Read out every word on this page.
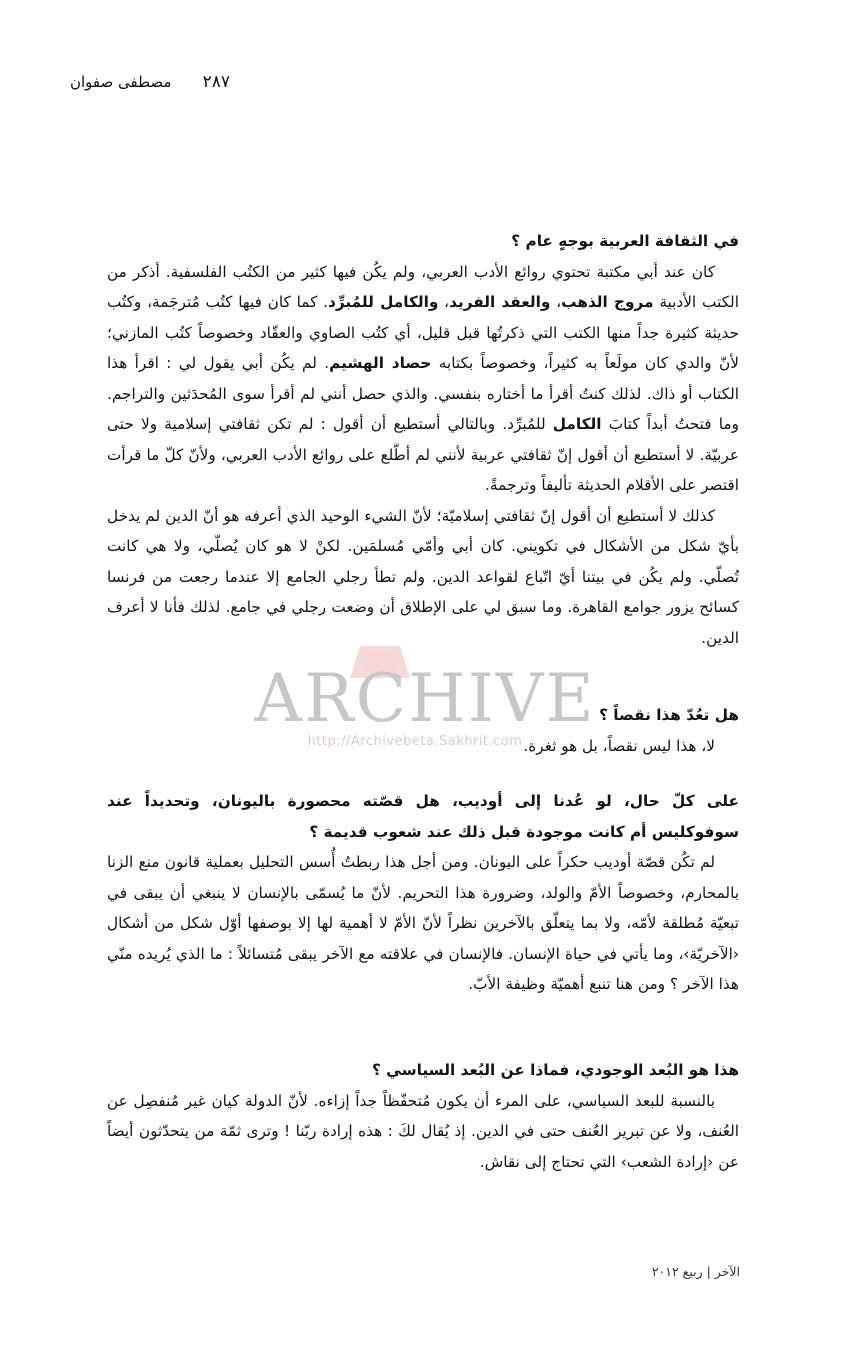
٢٨٧
مصطفى صفوان
في الثقافة العربية بوجهٍ عام ؟

كان عند أبي مكتبة تحتوي روائع الأدب العربي، ولم يكُن فيها كثير من الكتُب الفلسفية. أذكر من الكتب الأدبية مروج الذهب، والعقد الفريد، والكامل للمُبرِّد. كما كان فيها كتُب مُترجَمة، وكتُب حديثة كثيرة جداً منها الكتب التي ذكرتُها قبل قليل، أي كتُب الصاوي والعقّاد وخصوصاً كتُب المازني؛ لأنّ والدي كان مولَعاً به كثيراً، وخصوصاً بكتابه حصاد الهشيم. لم يكُن أبي يقول لي : اقرأ هذا الكتاب أو ذاك. لذلك كنتُ أقرأ ما أختاره بنفسي. والذي حصل أنني لم أقرأ سوى المُحدَثين والتراجم. وما فتحتُ أبداً كتابَ الكامل للمُبرِّد. وبالتالي أستطيع أن أقول : لم تكن ثقافتي إسلامية ولا حتى عربيّة. لا أستطيع أن أقول إنّ ثقافتي عربية لأنني لم أطّلع على روائع الأدب العربي، ولأنّ كلّ ما قرأت اقتصر على الأقلام الحديثة تأليفاً وترجمةً.

كذلك لا أستطيع أن أقول إنّ ثقافتي إسلاميّة؛ لأنّ الشيء الوحيد الذي أعرفه هو أنّ الدين لم يدخل بأيّ شكل من الأشكال في تكويني. كان أبي وأمّي مُسلمَين. لكنْ لا هو كان يُصلّي، ولا هي كانت تُصلّي. ولم يكُن في بيتنا أيّ اتّباع لقواعد الدين. ولم تطأ رجلي الجامع إلا عندما رجعت من فرنسا كسائح يزور جوامع القاهرة. وما سبق لي على الإطلاق أن وضعت رجلي في جامع. لذلك فأنا لا أعرف الدين.

ARCHIVE
http://Archivebeta.Sakhrit.com
هل تعُدّ هذا نقصاً ؟

لا، هذا ليس نقصاً، بل هو ثغرة.

على كلّ حال، لو عُدنا إلى أوديب، هل قصّته محصورة باليونان، وتحديداً عند سوفوكليس أم كانت موجودة قبل ذلك عند شعوب قديمة ؟

لم تكُن قصّة أوديب حكراً على اليونان. ومن أجل هذا ربطتُ أُسس التحليل بعملية قانون منع الزنا بالمحارم، وخصوصاً الأمّ والولد، وضرورة هذا التحريم. لأنّ ما يُسمّى بالإنسان لا ينبغي أن يبقى في تبعيّة مُطلقة لأمّه، ولا بما يتعلّق بالآخرين نظراً لأنّ الأمّ لا أهمية لها إلا بوصفها أوّل شكل من أشكال ‹الآخريّة›، وما يأتي في حياة الإنسان. فالإنسان في علاقته مع الآخر يبقى مُتسائلاً : ما الذي يُريده منّي هذا الآخر ؟ ومن هنا تنبع أهميّة وظيفة الأبّ.

هذا هو البُعد الوجودي، فماذا عن البُعد السياسي ؟

بالنسبة للبعد السياسي، على المرء أن يكون مُتحفّظاً جداً إزاءه. لأنّ الدولة كيان غير مُنفصِل عن العُنف، ولا عن تبرير العُنف حتى في الدين. إذ يُقال لكَ : هذه إرادة ربّنا ! وترى ثمّة من يتحدّثون أيضاً عن ‹إرادة الشعب› التي تحتاج إلى نقاش.

الآخر | ربيع ٢٠١٢
